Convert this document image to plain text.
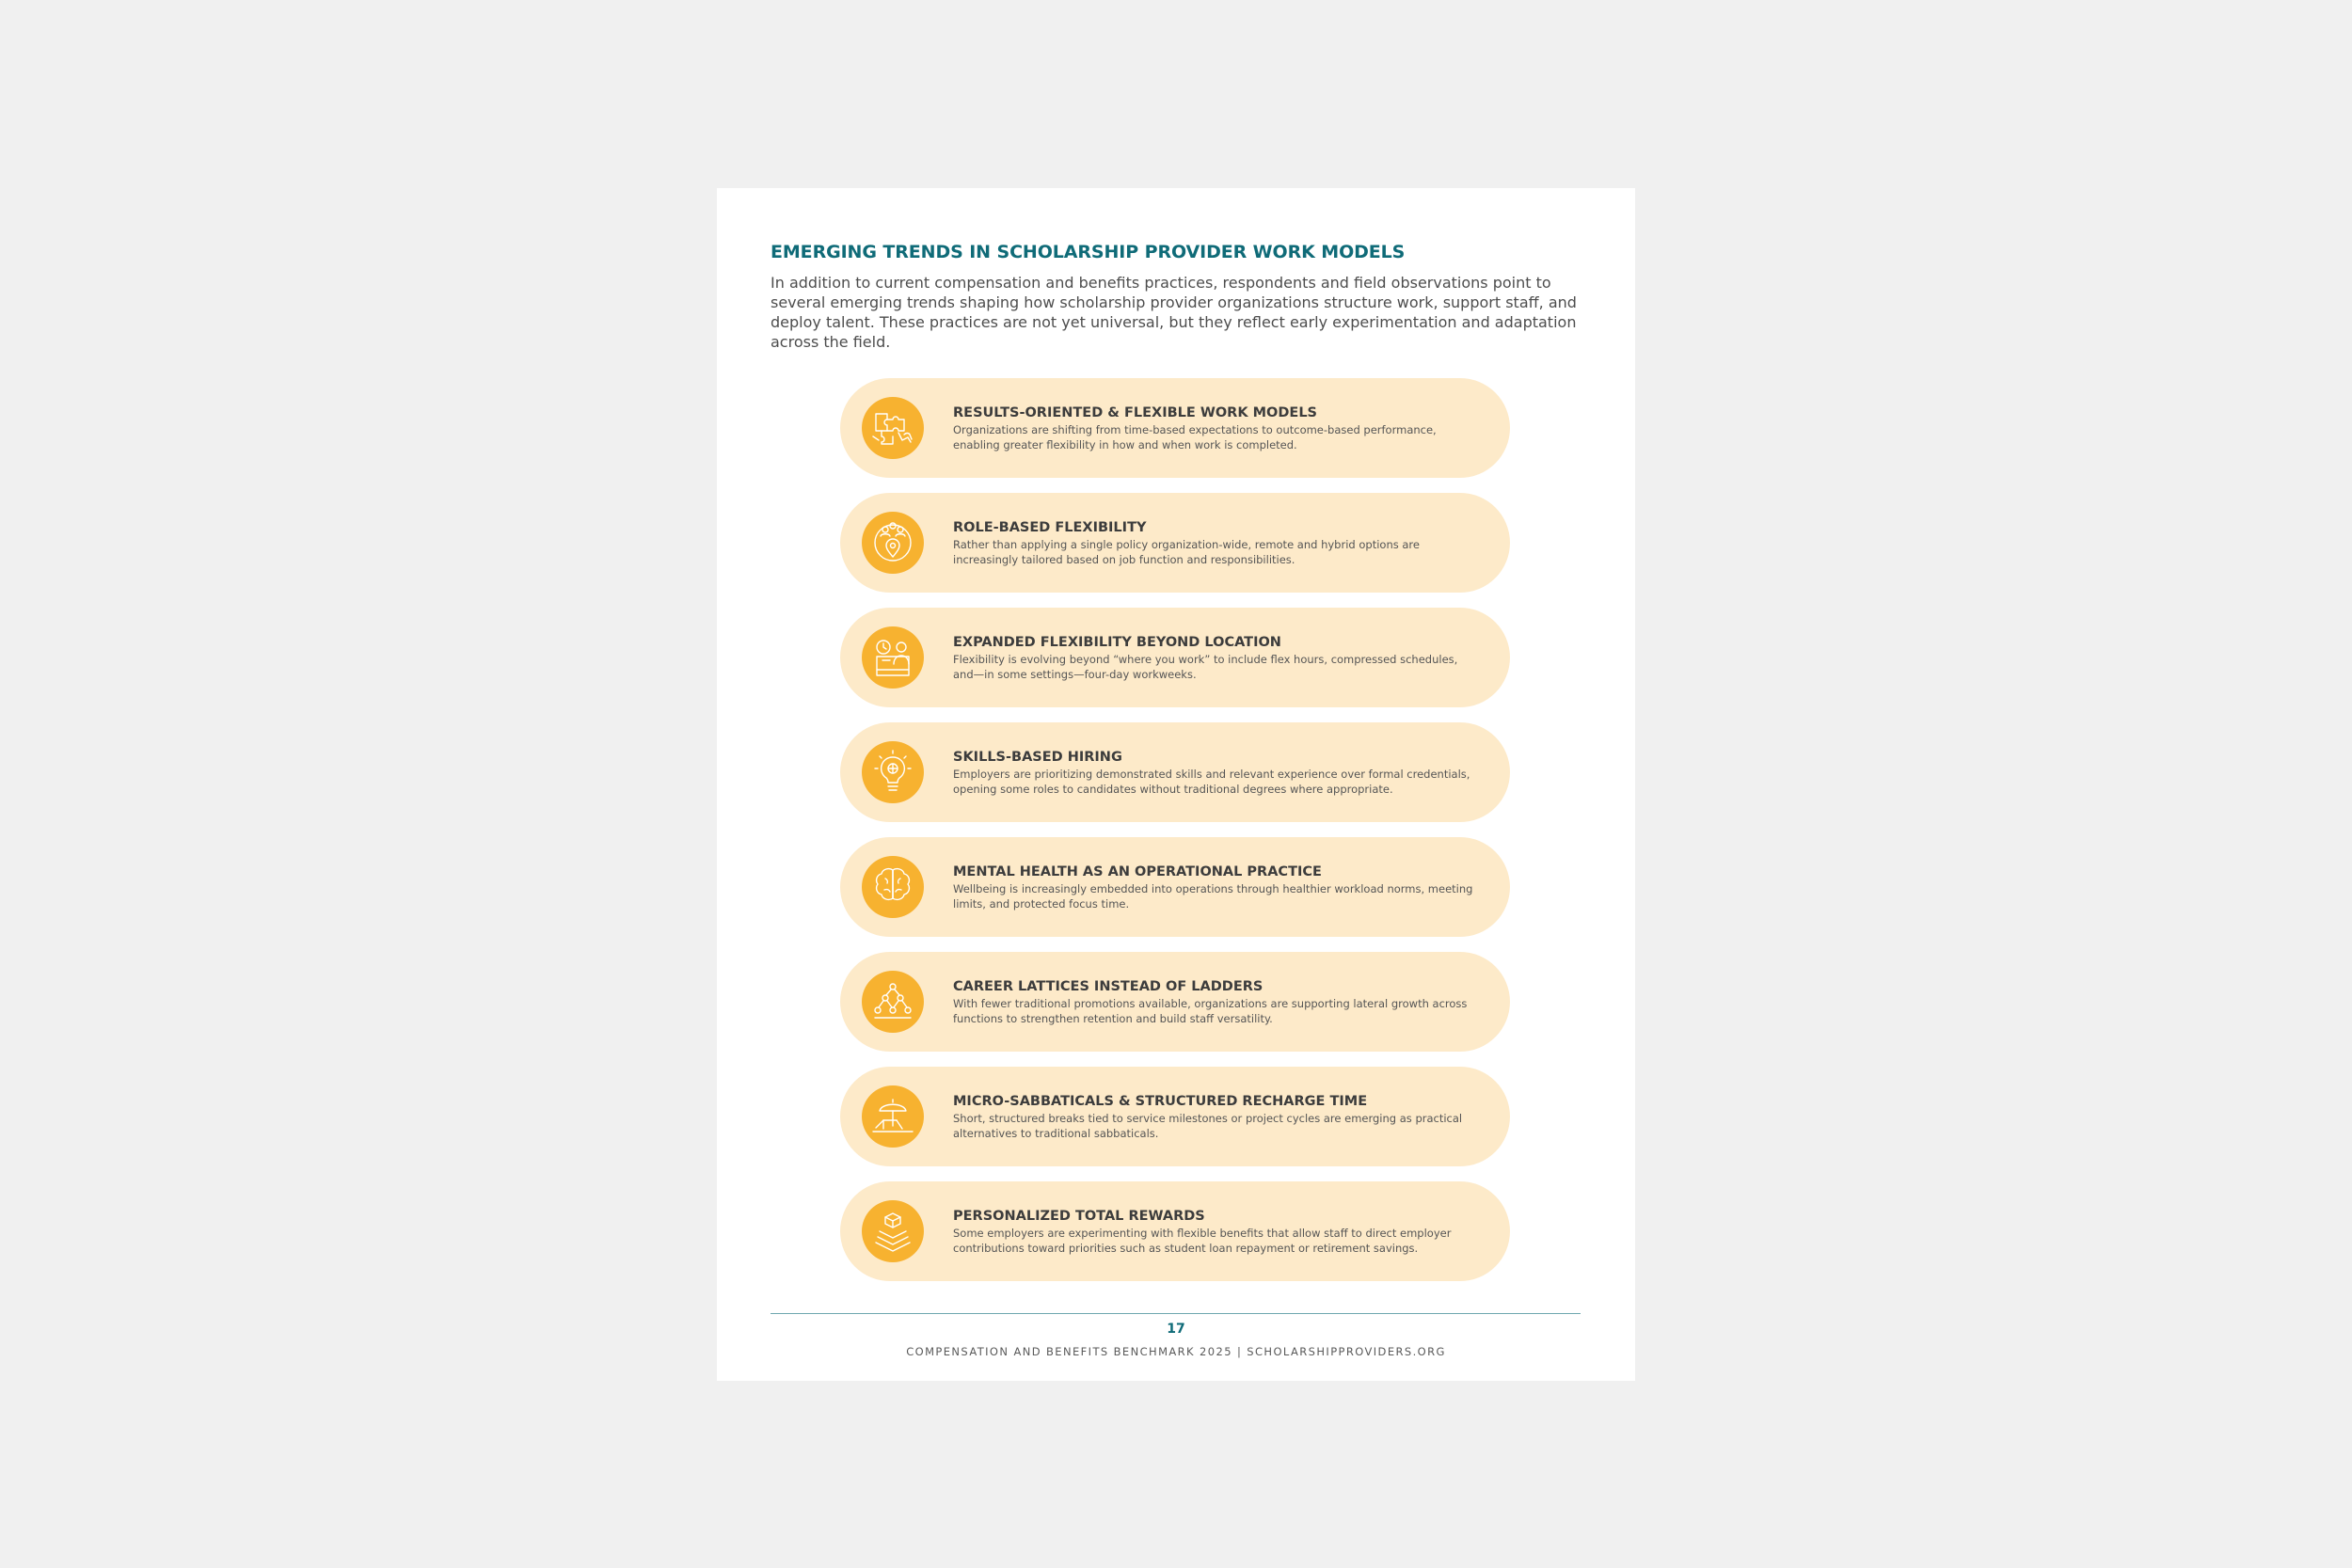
EMERGING TRENDS IN SCHOLARSHIP PROVIDER WORK MODELS

In addition to current compensation and benefits practices, respondents and field observations point to several emerging trends shaping how scholarship provider organizations structure work, support staff, and deploy talent. These practices are not yet universal, but they reflect early experimentation and adaptation across the field.

RESULTS-ORIENTED & FLEXIBLE WORK MODELS
Organizations are shifting from time-based expectations to outcome-based performance, enabling greater flexibility in how and when work is completed.
ROLE-BASED FLEXIBILITY
Rather than applying a single policy organization-wide, remote and hybrid options are increasingly tailored based on job function and responsibilities.
EXPANDED FLEXIBILITY BEYOND LOCATION
Flexibility is evolving beyond “where you work” to include flex hours, compressed schedules, and—in some settings—four-day workweeks.
SKILLS-BASED HIRING
Employers are prioritizing demonstrated skills and relevant experience over formal credentials, opening some roles to candidates without traditional degrees where appropriate.
MENTAL HEALTH AS AN OPERATIONAL PRACTICE
Wellbeing is increasingly embedded into operations through healthier workload norms, meeting limits, and protected focus time.
CAREER LATTICES INSTEAD OF LADDERS
With fewer traditional promotions available, organizations are supporting lateral growth across functions to strengthen retention and build staff versatility.
MICRO-SABBATICALS & STRUCTURED RECHARGE TIME
Short, structured breaks tied to service milestones or project cycles are emerging as practical alternatives to traditional sabbaticals.
PERSONALIZED TOTAL REWARDS
Some employers are experimenting with flexible benefits that allow staff to direct employer contributions toward priorities such as student loan repayment or retirement savings.
17
COMPENSATION AND BENEFITS BENCHMARK 2025 | SCHOLARSHIPPROVIDERS.ORG
